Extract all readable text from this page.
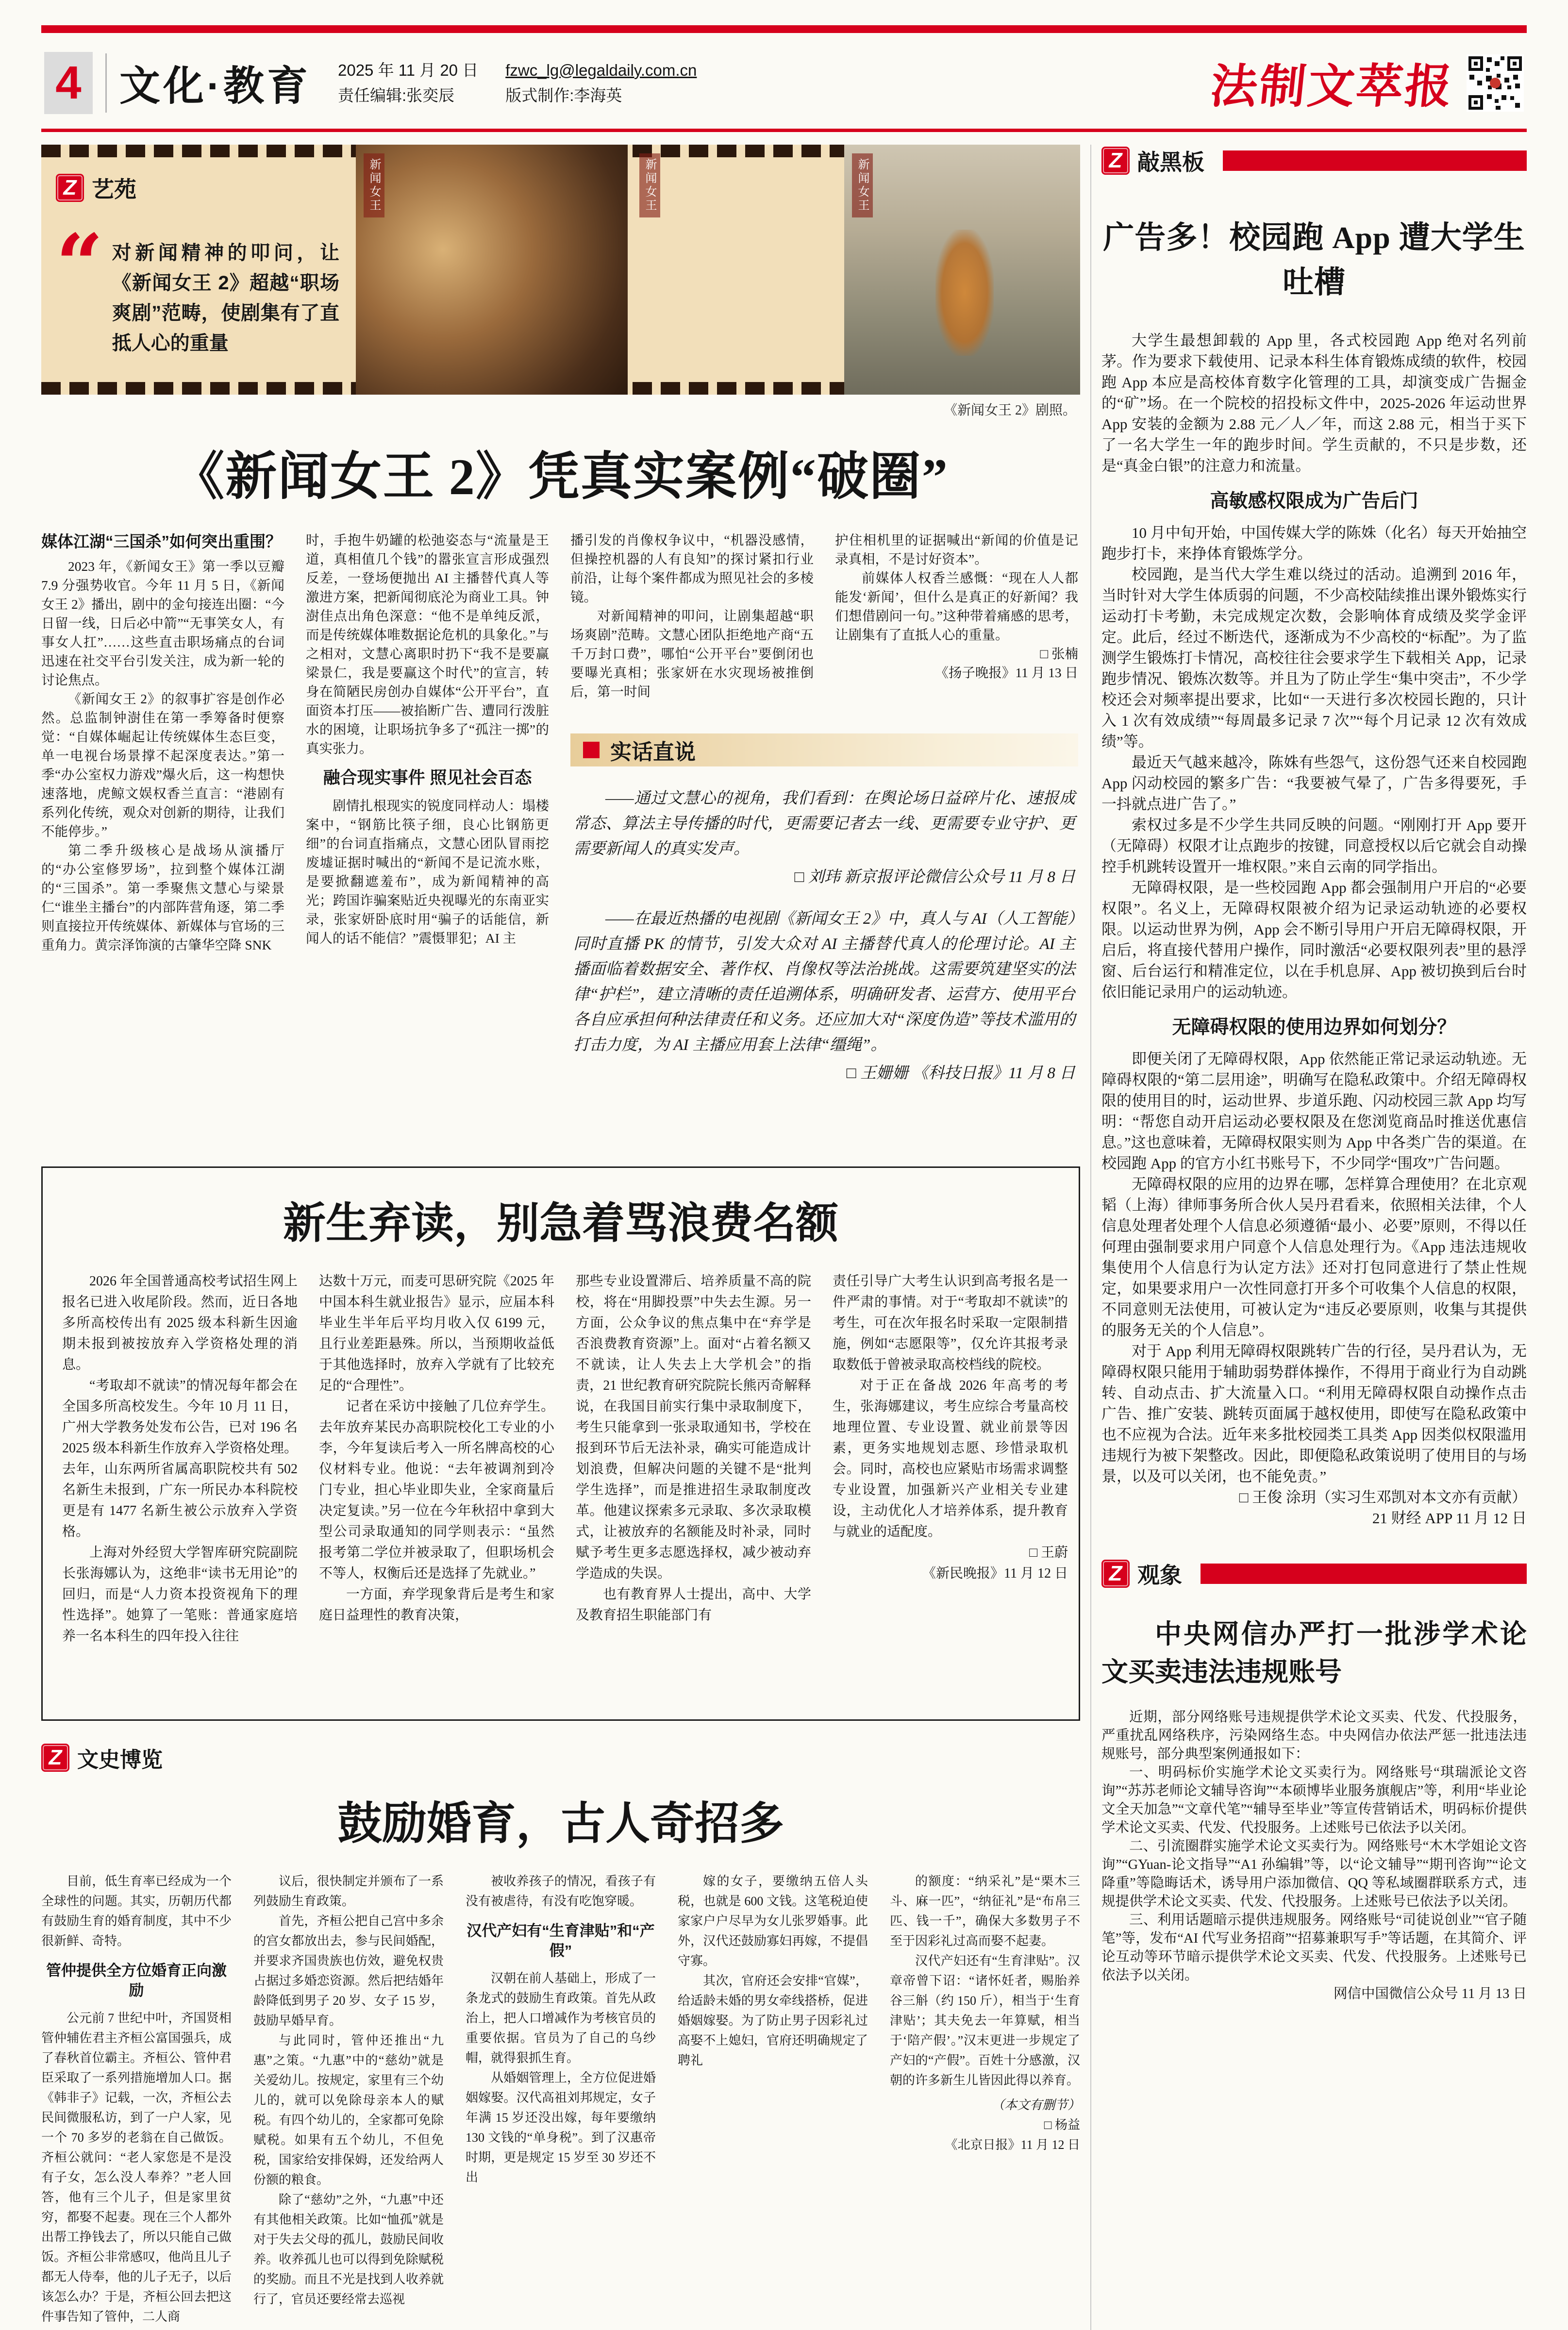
4 文化·教育 2025 年 11 月 20 日
责任编辑:张奕辰
fzwc_lg@legaldaily.com.cn
版式制作:李海英	法制文萃报
Z 艺苑
“ 对新闻精神的叩问，让《新闻女王 2》超越“职场爽剧”范畴，使剧集有了直抵人心的重量
新闻女王	新闻女王	新闻女王
《新闻女王 2》剧照。
《新闻女王 2》凭真实案例“破圈”

媒体江湖“三国杀”如何突出重围？

2023 年，《新闻女王》第一季以豆瓣 7.9 分强势收官。今年 11 月 5 日，《新闻女王 2》播出，剧中的金句接连出圈：“今日留一线，日后必中箭”“无事笑女人，有事女人扛”……这些直击职场痛点的台词迅速在社交平台引发关注，成为新一轮的讨论焦点。

《新闻女王 2》的叙事扩容是创作必然。总监制钟澍佳在第一季筹备时便察觉：“自媒体崛起让传统媒体生态巨变，单一电视台场景撑不起深度表达。”第一季“办公室权力游戏”爆火后，这一构想快速落地，虎鲸文娱权香兰直言：“港剧有系列化传统，观众对创新的期待，让我们不能停步。”

第二季升级核心是战场从演播厅的“办公室修罗场”，拉到整个媒体江湖的“三国杀”。第一季聚焦文慧心与梁景仁“谁坐主播台”的内部阵营角逐，第二季则直接拉开传统媒体、新媒体与官场的三重角力。黄宗泽饰演的古肇华空降 SNK

时，手抱牛奶罐的松弛姿态与“流量是王道，真相值几个钱”的嚣张宣言形成强烈反差，一登场便抛出 AI 主播替代真人等激进方案，把新闻彻底沦为商业工具。钟澍佳点出角色深意：“他不是单纯反派，而是传统媒体唯数据论危机的具象化。”与之相对，文慧心离职时扔下“我不是要赢梁景仁，我是要赢这个时代”的宣言，转身在简陋民房创办自媒体“公开平台”，直面资本打压——被掐断广告、遭同行泼脏水的困境，让职场抗争多了“孤注一掷”的真实张力。

融合现实事件 照见社会百态

剧情扎根现实的锐度同样动人：塌楼案中，“钢筋比筷子细，良心比钢筋更细”的台词直指痛点，文慧心团队冒雨挖废墟证据时喊出的“新闻不是记流水账，是要掀翻遮羞布”，成为新闻精神的高光；跨国诈骗案贴近央视曝光的东南亚实录，张家妍卧底时用“骗子的话能信，新闻人的话不能信？”震慑罪犯；AI 主

播引发的肖像权争议中，“机器没感情，但操控机器的人有良知”的探讨紧扣行业前沿，让每个案件都成为照见社会的多棱镜。

对新闻精神的叩问，让剧集超越“职场爽剧”范畴。文慧心团队拒绝地产商“五千万封口费”，哪怕“公开平台”要倒闭也要曝光真相；张家妍在水灾现场被推倒后，第一时间

护住相机里的证据喊出“新闻的价值是记录真相，不是讨好资本”。

前媒体人权香兰感慨：“现在人人都能发‘新闻’，但什么是真正的好新闻？我们想借剧问一句。”这种带着痛感的思考，让剧集有了直抵人心的重量。

□ 张楠

《扬子晚报》11 月 13 日

实话直说

——通过文慧心的视角，我们看到：在舆论场日益碎片化、速报成常态、算法主导传播的时代，更需要记者去一线、更需要专业守护、更需要新闻人的真实发声。

□ 刘玮 新京报评论微信公众号 11 月 8 日

——在最近热播的电视剧《新闻女王 2》中，真人与 AI（人工智能）同时直播 PK 的情节，引发大众对 AI 主播替代真人的伦理讨论。AI 主播面临着数据安全、著作权、肖像权等法治挑战。这需要筑建坚实的法律“护栏”，建立清晰的责任追溯体系，明确研发者、运营方、使用平台各自应承担何种法律责任和义务。还应加大对“深度伪造”等技术滥用的打击力度，为 AI 主播应用套上法律“缰绳”。

□ 王姗姗 《科技日报》11 月 8 日

新生弃读，别急着骂浪费名额

2026 年全国普通高校考试招生网上报名已进入收尾阶段。然而，近日各地多所高校传出有 2025 级本科新生因逾期未报到被按放弃入学资格处理的消息。

“考取却不就读”的情况每年都会在全国多所高校发生。今年 10 月 11 日，广州大学教务处发布公告，已对 196 名 2025 级本科新生作放弃入学资格处理。去年，山东两所省属高职院校共有 502 名新生未报到，广东一所民办本科院校更是有 1477 名新生被公示放弃入学资格。

上海对外经贸大学智库研究院副院长张海娜认为，这绝非“读书无用论”的回归，而是“人力资本投资视角下的理性选择”。她算了一笔账：普通家庭培养一名本科生的四年投入往往

达数十万元，而麦可思研究院《2025 年中国本科生就业报告》显示，应届本科毕业生半年后平均月收入仅 6199 元，且行业差距悬殊。所以，当预期收益低于其他选择时，放弃入学就有了比较充足的“合理性”。

记者在采访中接触了几位弃学生。去年放弃某民办高职院校化工专业的小李，今年复读后考入一所名牌高校的心仪材料专业。他说：“去年被调剂到冷门专业，担心毕业即失业，全家商量后决定复读。”另一位在今年秋招中拿到大型公司录取通知的同学则表示：“虽然报考第二学位并被录取了，但职场机会不等人，权衡后还是选择了先就业。”

一方面，弃学现象背后是考生和家庭日益理性的教育决策，

那些专业设置滞后、培养质量不高的院校，将在“用脚投票”中失去生源。另一方面，公众争议的焦点集中在“弃学是否浪费教育资源”上。面对“占着名额又不就读，让人失去上大学机会”的指责，21 世纪教育研究院院长熊丙奇解释说，在我国目前实行集中录取制度下，考生只能拿到一张录取通知书，学校在报到环节后无法补录，确实可能造成计划浪费，但解决问题的关键不是“批判学生选择”，而是推进招生录取制度改革。他建议探索多元录取、多次录取模式，让被放弃的名额能及时补录，同时赋予考生更多志愿选择权，减少被动弃学造成的失误。

也有教育界人士提出，高中、大学及教育招生职能部门有

责任引导广大考生认识到高考报名是一件严肃的事情。对于“考取却不就读”的考生，可在次年报名时采取一定限制措施，例如“志愿限等”，仅允许其报考录取数低于曾被录取高校档线的院校。

对于正在备战 2026 年高考的考生，张海娜建议，考生应综合考量高校地理位置、专业设置、就业前景等因素，更务实地规划志愿、珍惜录取机会。同时，高校也应紧贴市场需求调整专业设置，加强新兴产业相关专业建设，主动优化人才培养体系，提升教育与就业的适配度。

□ 王蔚

《新民晚报》11 月 12 日

Z 文史博览
鼓励婚育，古人奇招多

目前，低生育率已经成为一个全球性的问题。其实，历朝历代都有鼓励生育的婚育制度，其中不少很新鲜、奇特。

管仲提供全方位婚育正向激励

公元前 7 世纪中叶，齐国贤相管仲辅佐君主齐桓公富国强兵，成了春秋首位霸主。齐桓公、管仲君臣采取了一系列措施增加人口。据《韩非子》记载，一次，齐桓公去民间微服私访，到了一户人家，见一个 70 多岁的老翁在自己做饭。齐桓公就问：“老人家您是不是没有子女，怎么没人奉养？”老人回答，他有三个儿子，但是家里贫穷，都娶不起妻。现在三个人都外出帮工挣钱去了，所以只能自己做饭。齐桓公非常感叹，他尚且儿子都无人侍奉，他的儿子无子，以后该怎么办？于是，齐桓公回去把这件事告知了管仲，二人商

议后，很快制定并颁布了一系列鼓励生育政策。

首先，齐桓公把自己宫中多余的宫女都放出去，参与民间婚配，并要求齐国贵族也仿效，避免权贵占据过多婚恋资源。然后把结婚年龄降低到男子 20 岁、女子 15 岁，鼓励早婚早育。

与此同时，管仲还推出“九惠”之策。“九惠”中的“慈幼”就是关爱幼儿。按规定，家里有三个幼儿的，就可以免除母亲本人的赋税。有四个幼儿的，全家都可免除赋税。如果有五个幼儿，不但免税，国家给安排保姆，还发给两人份额的粮食。

除了“慈幼”之外，“九惠”中还有其他相关政策。比如“恤孤”就是对于失去父母的孤儿，鼓励民间收养。收养孤儿也可以得到免除赋税的奖励。而且不光是找到人收养就行了，官员还要经常去巡视

被收养孩子的情况，看孩子有没有被虐待，有没有吃饱穿暖。

汉代产妇有“生育津贴”和“产假”

汉朝在前人基础上，形成了一条龙式的鼓励生育政策。首先从政治上，把人口增减作为考核官员的重要依据。官员为了自己的乌纱帽，就得狠抓生育。

从婚姻管理上，全方位促进婚姻嫁娶。汉代高祖刘邦规定，女子年满 15 岁还没出嫁，每年要缴纳 130 文钱的“单身税”。到了汉惠帝时期，更是规定 15 岁至 30 岁还不出

嫁的女子，要缴纳五倍人头税，也就是 600 文钱。这笔税迫使家家户户尽早为女儿张罗婚事。此外，汉代还鼓励寡妇再嫁，不提倡守寡。

其次，官府还会安排“官媒”，给适龄未婚的男女牵线搭桥，促进婚姻嫁娶。为了防止男子因彩礼过高娶不上媳妇，官府还明确规定了聘礼

的额度：“纳采礼”是“栗木三斗、麻一匹”，“纳征礼”是“布帛三匹、钱一千”，确保大多数男子不至于因彩礼过高而娶不起妻。

汉代产妇还有“生育津贴”。汉章帝曾下诏：“诸怀妊者，赐胎养谷三斛（约 150 斤），相当于‘生育津贴’；其夫免去一年算赋，相当于‘陪产假’。”汉末更进一步规定了产妇的“产假”。百姓十分感激，汉朝的许多新生儿皆因此得以养育。

（本文有删节）

□ 杨益

《北京日报》11 月 12 日

Z 敲黑板
广告多！校园跑 App 遭大学生吐槽

大学生最想卸载的 App 里，各式校园跑 App 绝对名列前茅。作为要求下载使用、记录本科生体育锻炼成绩的软件，校园跑 App 本应是高校体育数字化管理的工具，却演变成广告掘金的“矿”场。在一个院校的招投标文件中，2025-2026 年运动世界 App 安装的金额为 2.88 元／人／年，而这 2.88 元，相当于买下了一名大学生一年的跑步时间。学生贡献的，不只是步数，还是“真金白银”的注意力和流量。

高敏感权限成为广告后门

10 月中旬开始，中国传媒大学的陈姝（化名）每天开始抽空跑步打卡，来挣体育锻炼学分。

校园跑，是当代大学生难以绕过的活动。追溯到 2016 年，当时针对大学生体质弱的问题，不少高校陆续推出课外锻炼实行运动打卡考勤，未完成规定次数，会影响体育成绩及奖学金评定。此后，经过不断迭代，逐渐成为不少高校的“标配”。为了监测学生锻炼打卡情况，高校往往会要求学生下载相关 App，记录跑步情况、锻炼次数等。并且为了防止学生“集中突击”，不少学校还会对频率提出要求，比如“一天进行多次校园长跑的，只计入 1 次有效成绩”“每周最多记录 7 次”“每个月记录 12 次有效成绩”等。

最近天气越来越冷，陈姝有些怨气，这份怨气还来自校园跑 App 闪动校园的繁多广告：“我要被气晕了，广告多得要死，手一抖就点进广告了。”

索权过多是不少学生共同反映的问题。“刚刚打开 App 要开（无障碍）权限才让点跑步的按键，同意授权以后它就会自动操控手机跳转设置开一堆权限。”来自云南的同学指出。

无障碍权限，是一些校园跑 App 都会强制用户开启的“必要权限”。名义上，无障碍权限被介绍为记录运动轨迹的必要权限。以运动世界为例，App 会不断引导用户开启无障碍权限，开启后，将直接代替用户操作，同时激活“必要权限列表”里的悬浮窗、后台运行和精准定位，以在手机息屏、App 被切换到后台时依旧能记录用户的运动轨迹。

无障碍权限的使用边界如何划分？

即便关闭了无障碍权限，App 依然能正常记录运动轨迹。无障碍权限的“第二层用途”，明确写在隐私政策中。介绍无障碍权限的使用目的时，运动世界、步道乐跑、闪动校园三款 App 均写明：“帮您自动开启运动必要权限及在您浏览商品时推送优惠信息。”这也意味着，无障碍权限实则为 App 中各类广告的渠道。在校园跑 App 的官方小红书账号下，不少同学“围攻”广告问题。

无障碍权限的应用的边界在哪，怎样算合理使用？在北京观韬（上海）律师事务所合伙人吴丹君看来，依照相关法律，个人信息处理者处理个人信息必须遵循“最小、必要”原则，不得以任何理由强制要求用户同意个人信息处理行为。《App 违法违规收集使用个人信息行为认定方法》还对打包同意进行了禁止性规定，如果要求用户一次性同意打开多个可收集个人信息的权限，不同意则无法使用，可被认定为“违反必要原则，收集与其提供的服务无关的个人信息”。

对于 App 利用无障碍权限跳转广告的行径，吴丹君认为，无障碍权限只能用于辅助弱势群体操作，不得用于商业行为自动跳转、自动点击、扩大流量入口。“利用无障碍权限自动操作点击广告、推广安装、跳转页面属于越权使用，即使写在隐私政策中也不应视为合法。近年来多批校园类工具类 App 因类似权限滥用违规行为被下架整改。因此，即便隐私政策说明了使用目的与场景，以及可以关闭，也不能免责。”

□ 王俊 涂玥（实习生邓凯对本文亦有贡献）

21 财经 APP 11 月 12 日

Z 观象
中央网信办严打一批涉学术论文买卖违法违规账号

近期，部分网络账号违规提供学术论文买卖、代发、代投服务，严重扰乱网络秩序，污染网络生态。中央网信办依法严惩一批违法违规账号，部分典型案例通报如下：

一、明码标价实施学术论文买卖行为。网络账号“琪瑞派论文咨询”“苏苏老师论文辅导咨询”“本硕博毕业服务旗舰店”等，利用“毕业论文全天加急”“文章代笔”“辅导至毕业”等宣传营销话术，明码标价提供学术论文买卖、代发、代投服务。上述账号已依法予以关闭。

二、引流圈群实施学术论文买卖行为。网络账号“木木学姐论文咨询”“GYuan-论文指导”“A1 孙编辑”等，以“论文辅导”“期刊咨询”“论文降重”等隐晦话术，诱导用户添加微信、QQ 等私域圈群联系方式，违规提供学术论文买卖、代发、代投服务。上述账号已依法予以关闭。

三、利用话题暗示提供违规服务。网络账号“司徒说创业”“官子随笔”等，发布“AI 代写业务招商”“招募兼职写手”等话题，在其简介、评论互动等环节暗示提供学术论文买卖、代发、代投服务。上述账号已依法予以关闭。

网信中国微信公众号 11 月 13 日
